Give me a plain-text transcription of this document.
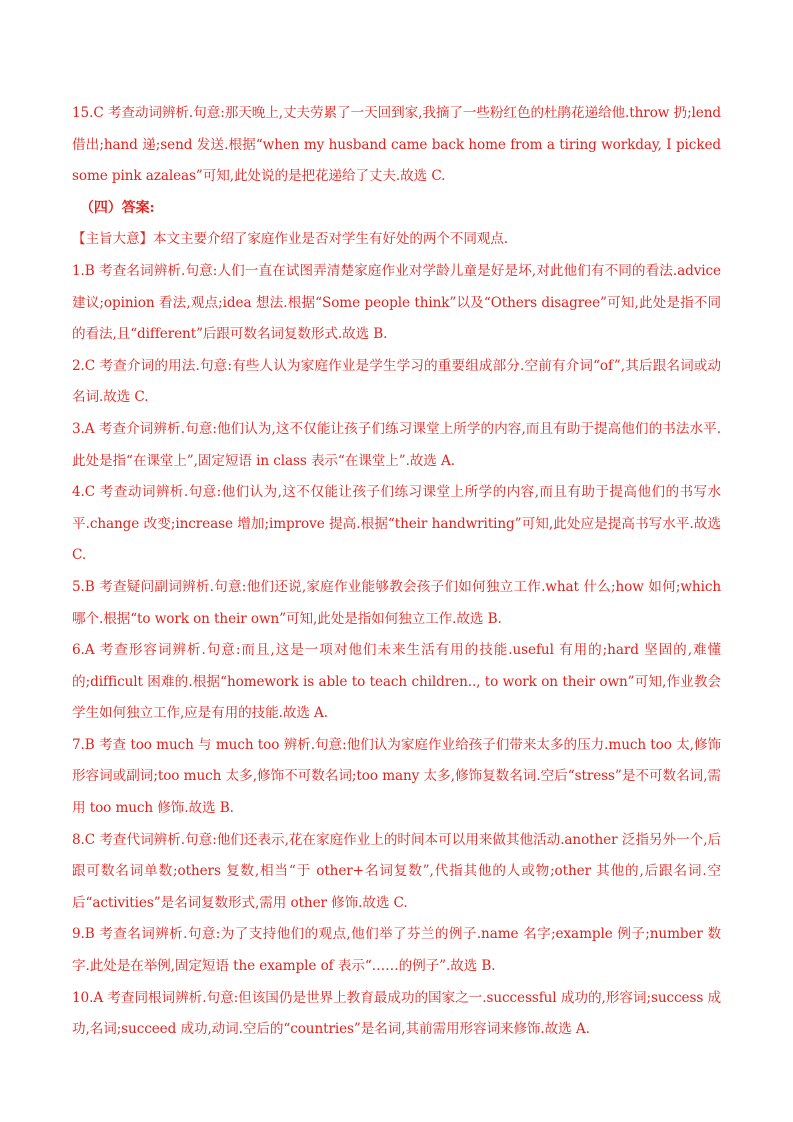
15.C 考查动词辨析.句意:那天晚上,丈夫劳累了一天回到家,我摘了一些粉红色的杜鹃花递给他.throw 扔;lend 借出;hand 递;send 发送.根据“when my husband came back home from a tiring workday, I picked some pink azaleas”可知,此处说的是把花递给了丈夫.故选 C.

（四）答案:

【主旨大意】本文主要介绍了家庭作业是否对学生有好处的两个不同观点.

1.B 考查名词辨析.句意:人们一直在试图弄清楚家庭作业对学龄儿童是好是坏,对此他们有不同的看法.advice 建议;opinion 看法,观点;idea 想法.根据“Some people think”以及“Others disagree”可知,此处是指不同的看法,且“different”后跟可数名词复数形式.故选 B.

2.C 考查介词的用法.句意:有些人认为家庭作业是学生学习的重要组成部分.空前有介词“of”,其后跟名词或动名词.故选 C.

3.A 考查介词辨析.句意:他们认为,这不仅能让孩子们练习课堂上所学的内容,而且有助于提高他们的书法水平.此处是指“在课堂上”,固定短语 in class 表示“在课堂上”.故选 A.

4.C 考查动词辨析.句意:他们认为,这不仅能让孩子们练习课堂上所学的内容,而且有助于提高他们的书写水平.change 改变;increase 增加;improve 提高.根据“their handwriting”可知,此处应是提高书写水平.故选 C.

5.B 考查疑问副词辨析.句意:他们还说,家庭作业能够教会孩子们如何独立工作.what 什么;how 如何;which 哪个.根据“to work on their own”可知,此处是指如何独立工作.故选 B.

6.A 考查形容词辨析.句意:而且,这是一项对他们未来生活有用的技能.useful 有用的;hard 坚固的,难懂的;difficult 困难的.根据“homework is able to teach children.., to work on their own”可知,作业教会学生如何独立工作,应是有用的技能.故选 A.

7.B 考查 too much 与 much too 辨析.句意:他们认为家庭作业给孩子们带来太多的压力.much too 太,修饰形容词或副词;too much 太多,修饰不可数名词;too many 太多,修饰复数名词.空后“stress”是不可数名词,需用 too much 修饰.故选 B.

8.C 考查代词辨析.句意:他们还表示,花在家庭作业上的时间本可以用来做其他活动.another 泛指另外一个,后跟可数名词单数;others 复数,相当“于 other+名词复数”,代指其他的人或物;other 其他的,后跟名词.空后“activities”是名词复数形式,需用 other 修饰.故选 C.

9.B 考查名词辨析.句意:为了支持他们的观点,他们举了芬兰的例子.name 名字;example 例子;number 数字.此处是在举例,固定短语 the example of 表示“……的例子”.故选 B.

10.A 考查同根词辨析.句意:但该国仍是世界上教育最成功的国家之一.successful 成功的,形容词;success 成功,名词;succeed 成功,动词.空后的“countries”是名词,其前需用形容词来修饰.故选 A.
